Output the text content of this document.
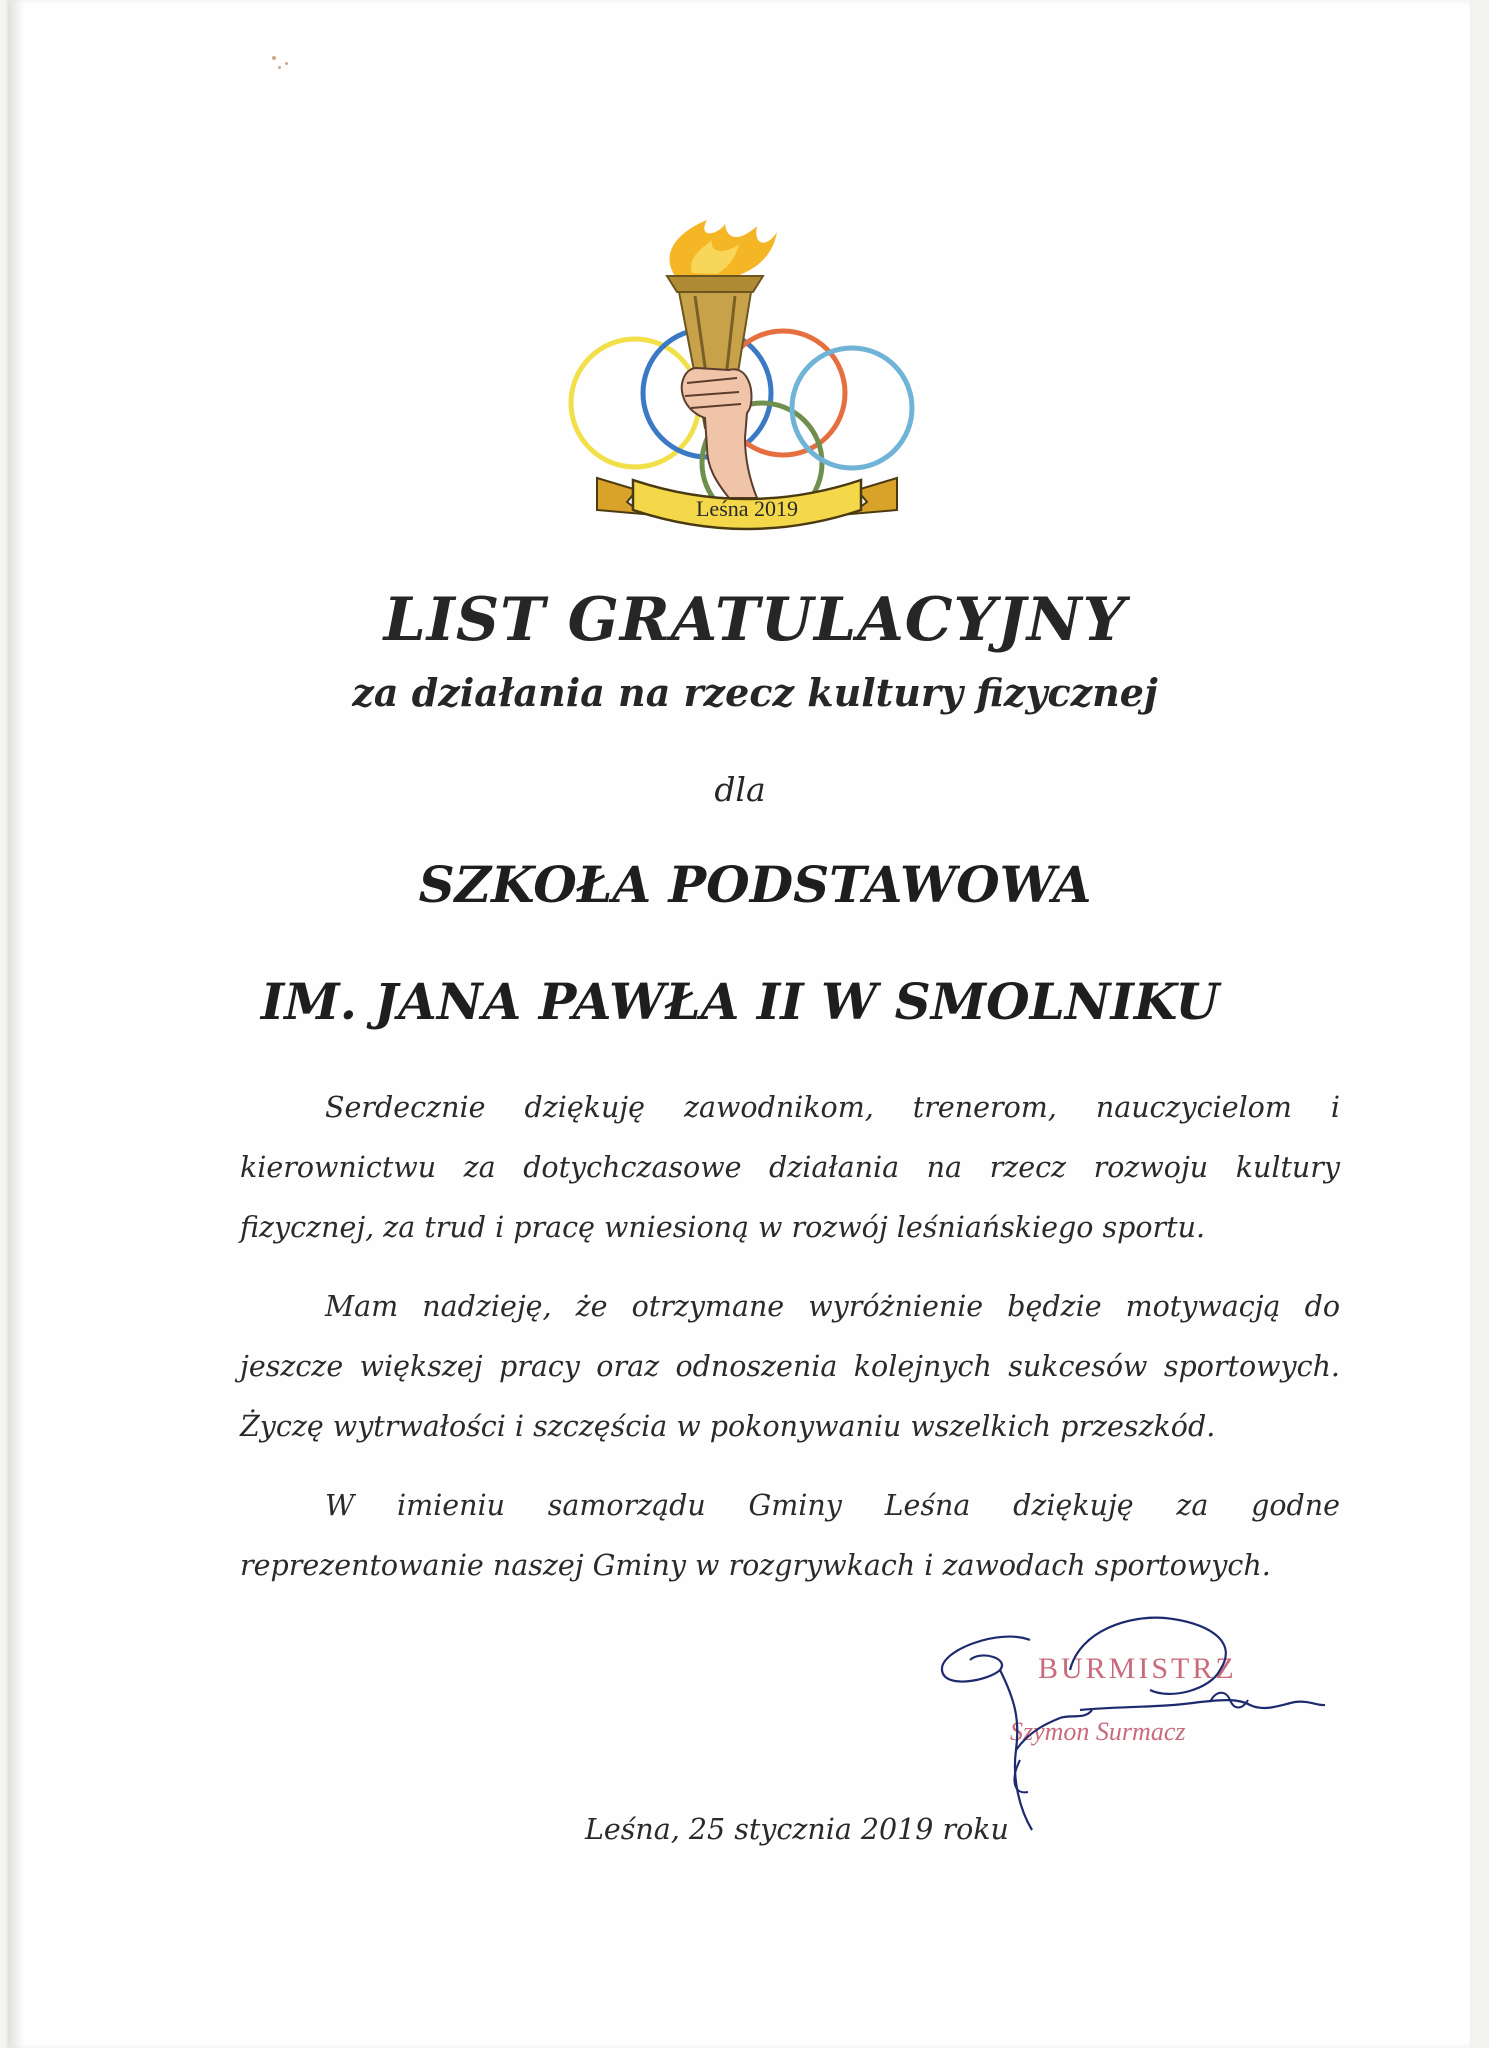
Leśna 2019
LIST GRATULACYJNY
za działania na rzecz kultury fizycznej
dla
SZKOŁA PODSTAWOWA
IM. JANA PAWŁA II W SMOLNIKU

Serdecznie dziękuję zawodnikom, trenerom, nauczycielom i kierownictwu za dotychczasowe działania na rzecz rozwoju kultury fizycznej, za trud i pracę wniesioną w rozwój leśniańskiego sportu.

Mam nadzieję, że otrzymane wyróżnienie będzie motywacją do jeszcze większej pracy oraz odnoszenia kolejnych sukcesów sportowych. Życzę wytrwałości i szczęścia w pokonywaniu wszelkich przeszkód.

W imieniu samorządu Gminy Leśna dziękuję za godne reprezentowanie naszej Gminy w rozgrywkach i zawodach sportowych.

BURMISTRZ
Szymon Surmacz
Leśna, 25 stycznia 2019 roku
